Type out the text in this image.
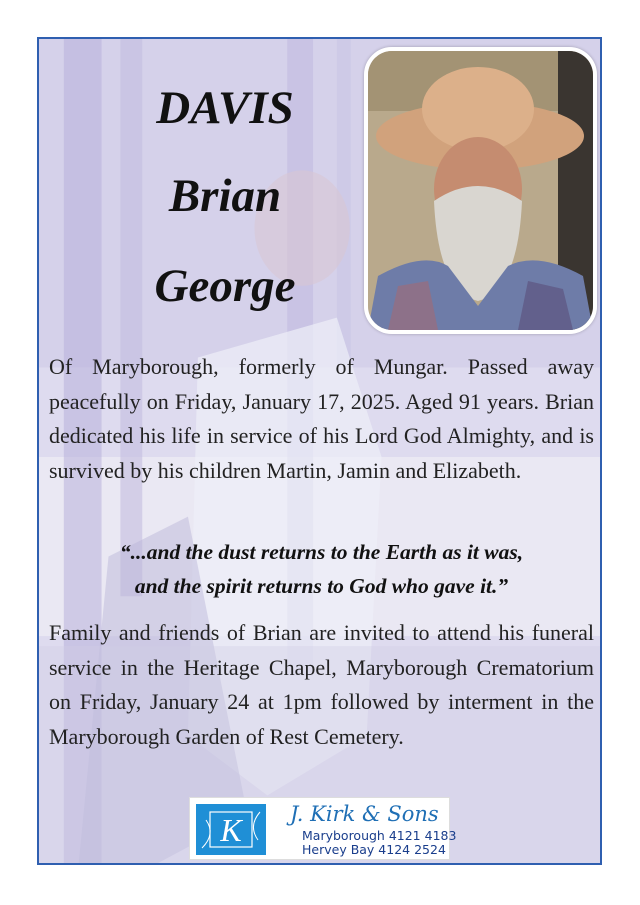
DAVIS
Brian
George

Of Maryborough, formerly of Mungar. Passed away peacefully on Friday, January 17, 2025. Aged 91 years. Brian dedicated his life in service of his Lord God Almighty, and is survived by his children Martin, Jamin and Elizabeth.

“...and the dust returns to the Earth as it was,
and the spirit returns to God who gave it.”

Family and friends of Brian are invited to attend his funeral service in the Heritage Chapel, Maryborough Crematorium on Friday, January 24 at 1pm followed by interment in the Maryborough Garden of Rest Cemetery.

K J. Kirk & Sons
Maryborough 4121 4183
Hervey Bay 4124 2524
